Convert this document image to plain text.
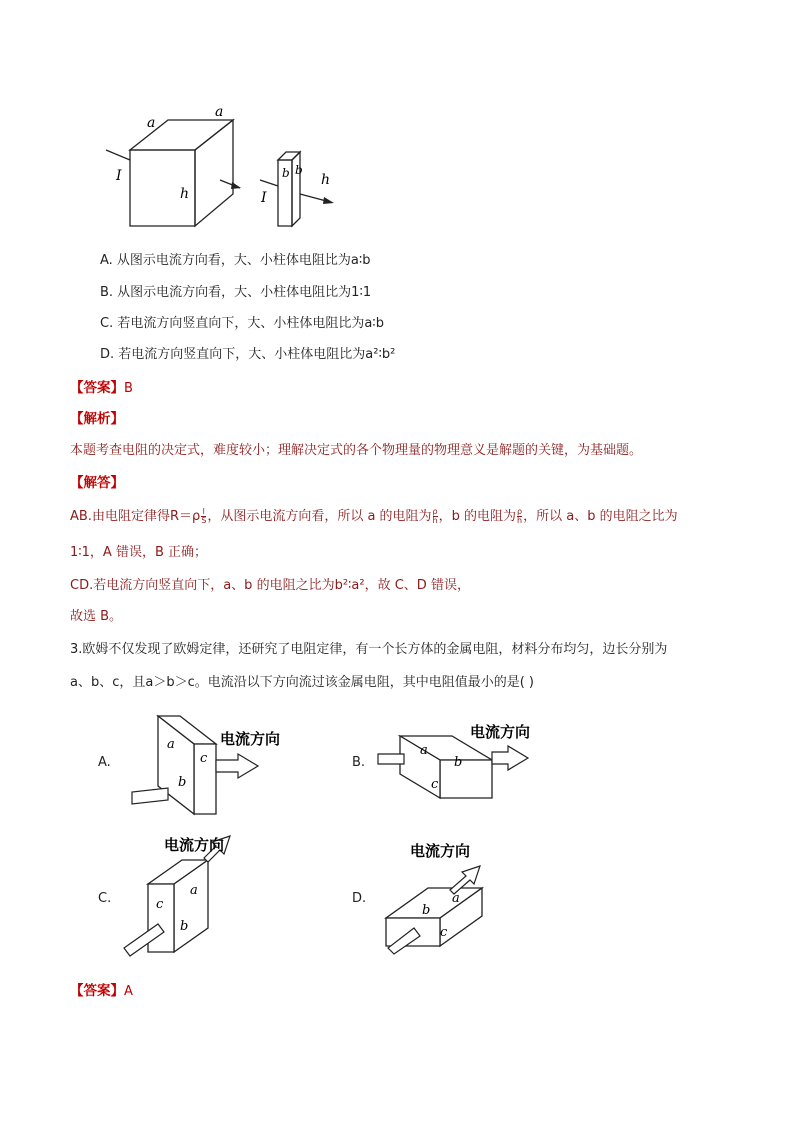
a
a
h
I	b b
h
I
A. 从图示电流方向看，大、小柱体电阻比为a∶b
B. 从图示电流方向看，大、小柱体电阻比为1∶1
C. 若电流方向竖直向下，大、小柱体电阻比为a∶b
D. 若电流方向竖直向下，大、小柱体电阻比为a²∶b²
【答案】B
【解析】
本题考查电阻的决定式，难度较小；理解决定式的各个物理量的物理意义是解题的关键，为基础题。
【解答】
AB.由电阻定律得$R=\rho \frac{l}{S}$ ，从图示电流方向看，所以 a 的电阻为 $\frac{\rho}{h}$ ，b 的电阻为 $\frac{\rho}{h}$ ，所以 a、b 的电阻之比为
1∶1，A 错误，B 正确；
CD.若电流方向竖直向下，a、b 的电阻之比为b²∶a²，故 C、D 错误，
故选 B。
3.欧姆不仅发现了欧姆定律，还研究了电阻定律，有一个长方体的金属电阻，材料分布均匀，边长分别为
a、b、c，且a＞b＞c。电流沿以下方向流过该金属电阻，其中电阻值最小的是( )
A.
电流方向
a
b
c	B.
电流方向
a
b
c
C.
电流方向
c
a
b
D.
电流方向
b
a
c
【答案】A
